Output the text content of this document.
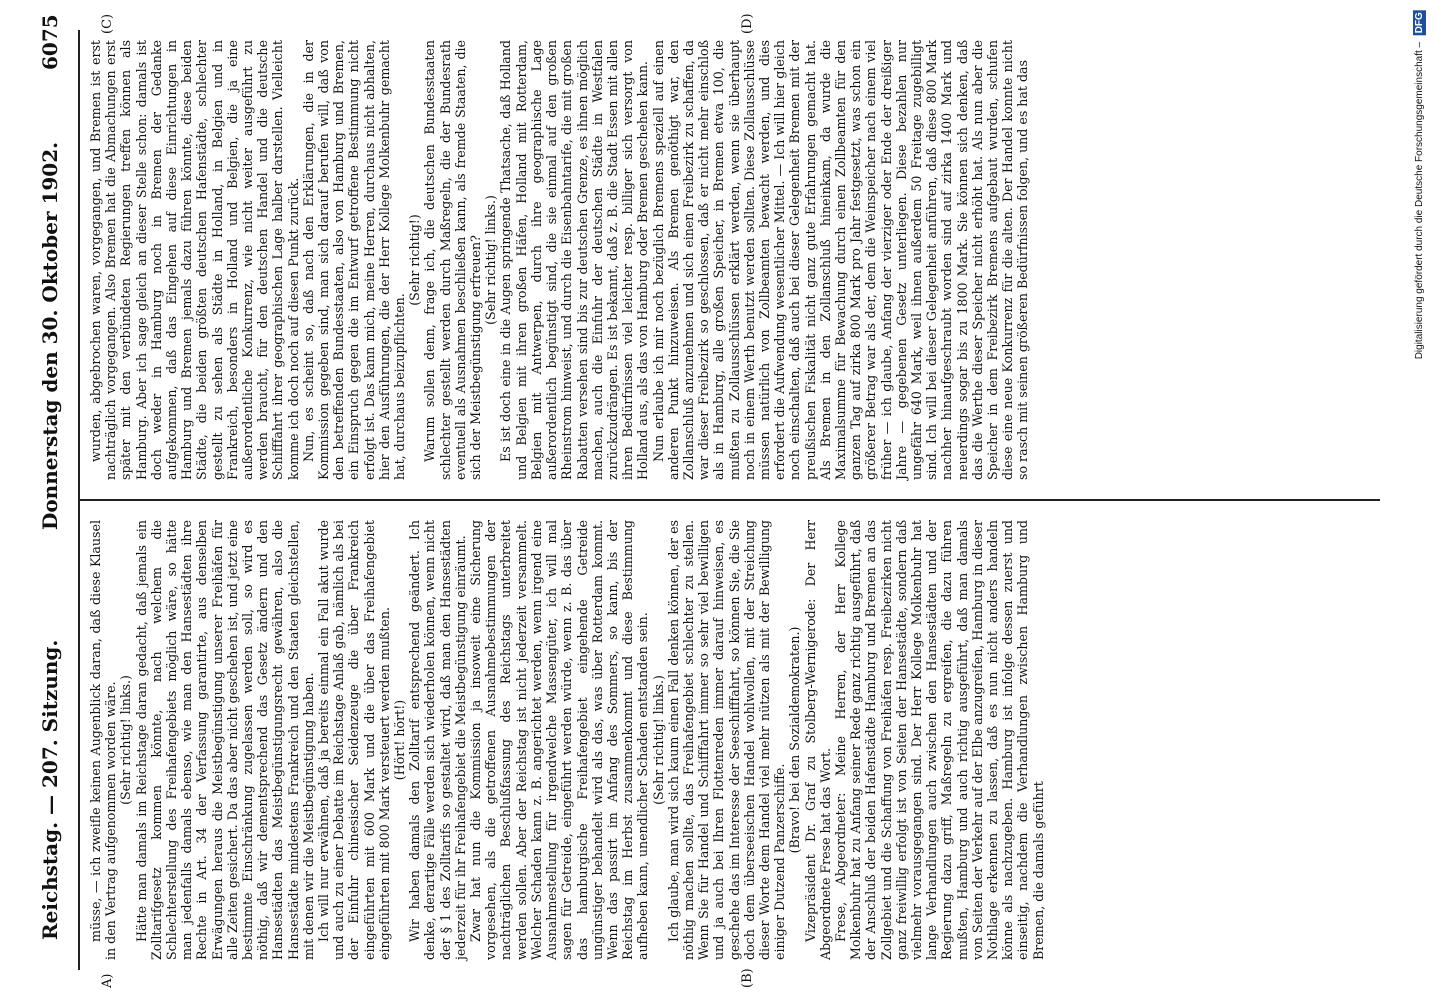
Reichstag. — 207. Sitzung.
Donnerstag den 30. Oktober 1902.
6075
A)	(B)
(C)	(D)

müsse, — ich zweifle keinen Augenblick daran, daß diese Klausel in den Vertrag aufgenommen worden wäre. (Sehr richtig! links.) Hätte man damals im Reichstage daran gedacht, daß jemals ein Zolltarifgesetz kommen könnte, nach welchem die Schlechterstellung des Freihafengebiets möglich wäre, so hätte man jedenfalls damals ebenso, wie man den Hansestädten ihre Rechte in Art. 34 der Verfassung garantirte, aus denselben Erwägungen heraus die Meistbegünstigung unserer Freihäfen für alle Zeiten gesichert. Da das aber nicht geschehen ist, und jetzt eine bestimmte Einschränkung zugelassen werden soll, so wird es nöthig, daß wir dementsprechend das Gesetz ändern und den Hansestädten das Meistbegünstigungsrecht gewähren, also die Hansestädte mindestens Frankreich und den Staaten gleichstellen, mit denen wir die Meistbegünstigung haben. Ich will nur erwähnen, daß ja bereits einmal ein Fall akut wurde und auch zu einer Debatte im Reichstage Anlaß gab, nämlich als bei der Einfuhr chinesischer Seidenzeuge die über Frankreich eingeführten mit 600 Mark und die über das Freihafengebiet eingeführten mit 800 Mark versteuert werden mußten. (Hört! hört!) Wir haben damals den Zolltarif entsprechend geändert. Ich denke, derartige Fälle werden sich wiederholen können, wenn nicht der § 1 des Zolltarifs so gestaltet wird, daß man den Hansestädten jederzeit für ihr Freihafengebiet die Meistbegünstigung einräumt. Zwar hat nun die Kommission ja insoweit eine Sicherung vorgesehen, als die getroffenen Ausnahmebestimmungen der nachträglichen Beschlußfassung des Reichstags unterbreitet werden sollen. Aber der Reichstag ist nicht jederzeit versammelt. Welcher Schaden kann z. B. angerichtet werden, wenn irgend eine Ausnahmestellung für irgendwelche Massengüter, ich will mal sagen für Getreide, eingeführt werden würde, wenn z. B. das über das hamburgische Freihafengebiet eingehende Getreide ungünstiger behandelt wird als das, was über Rotterdam kommt. Wenn das passirt im Anfang des Sommers, so kann, bis der Reichstag im Herbst zusammenkommt und diese Bestimmung aufheben kann, unendlicher Schaden entstanden sein. (Sehr richtig! links.) Ich glaube, man wird sich kaum einen Fall denken können, der es nöthig machen sollte, das Freihafengebiet schlechter zu stellen. Wenn Sie für Handel und Schifffahrt immer so sehr viel bewilligen und ja auch bei Ihren Flottenreden immer darauf hinweisen, es geschehe das im Interesse der Seeschifffahrt, so können Sie, die Sie doch dem überseeischen Handel wohlwollen, mit der Streichung dieser Worte dem Handel viel mehr nützen als mit der Bewilligung einiger Dutzend Panzerschiffe.

(Bravo! bei den Sozialdemokraten.) Vizepräsident Dr. Graf zu Stolberg-Wernigerode: Der Herr Abgeordnete Frese hat das Wort. Frese, Abgeordneter: Meine Herren, der Herr Kollege Molkenbuhr hat zu Anfang seiner Rede ganz richtig ausgeführt, daß der Anschluß der beiden Hafenstädte Hamburg und Bremen an das Zollgebiet und die Schaffung von Freihäfen resp. Freibezirken nicht ganz freiwillig erfolgt ist von Seiten der Hansestädte, sondern daß vielmehr vorausgegangen sind. Der Herr Kollege Molkenbuhr hat lange Verhandlungen auch zwischen den Hansestädten und der Regierung dazu griff, Maßregeln zu ergreifen, die dazu führen mußten, Hamburg und auch richtig ausgeführt, daß man damals von Seiten der Verkehr auf der Elbe anzugreifen, Hamburg in dieser Nothlage erkennen zu lassen, daß es nun nicht anders handeln könne als nachzugeben. Hamburg ist infolge dessen zuerst und einseitig, nachdem die Verhandlungen zwischen Hamburg und Bremen, die damals geführt

wurden, abgebrochen waren, vorgegangen, und Bremen ist erst nachträglich vorgegangen. Also Bremen hat die Abmachungen erst später mit den verbündeten Regierungen treffen können als Hamburg. Aber ich sage gleich an dieser Stelle schon: damals ist doch weder in Hamburg noch in Bremen der Gedanke aufgekommen, daß das Eingehen auf diese Einrichtungen in Hamburg und Bremen jemals dazu führen könnte, diese beiden Städte, die beiden größten deutschen Hafenstädte, schlechter gestellt zu sehen als Städte in Holland, in Belgien und in Frankreich, besonders in Holland und Belgien, die ja eine außerordentliche Konkurrenz, wie nicht weiter ausgeführt zu werden braucht, für den deutschen Handel und die deutsche Schifffahrt ihrer geographischen Lage halber darstellen. Vielleicht komme ich doch noch auf diesen Punkt zurück. Nun, es scheint so, daß nach den Erklärungen, die in der Kommission gegeben sind, man sich darauf berufen will, daß von den betreffenden Bundesstaaten, also von Hamburg und Bremen, ein Einspruch gegen die im Entwurf getroffene Bestimmung nicht erfolgt ist. Das kann mich, meine Herren, durchaus nicht abhalten, hier den Ausführungen, die der Herr Kollege Molkenbuhr gemacht hat, durchaus beizupflichten.

(Sehr richtig!) Warum sollen denn, frage ich, die deutschen Bundesstaaten schlechter gestellt werden durch Maßregeln, die der Bundesrath eventuell als Ausnahmen beschließen kann, als fremde Staaten, die sich der Meistbegünstigung erfreuen? (Sehr richtig! links.) Es ist doch eine in die Augen springende Thatsache, daß Holland und Belgien mit ihren großen Häfen, Holland mit Rotterdam, Belgien mit Antwerpen, durch ihre geographische Lage außerordentlich begünstigt sind, die sie einmal auf den großen Rheinstrom hinweist, und durch die Eisenbahntarife, die mit großen Rabatten versehen sind bis zur deutschen Grenze, es ihnen möglich machen, auch die Einfuhr der deutschen Städte in Westfalen zurückzudrängen. Es ist bekannt, daß z. B. die Stadt Essen mit allen ihren Bedürfnissen viel leichter resp. billiger sich versorgt von Holland aus, als das von Hamburg oder Bremen geschehen kann. Nun erlaube ich mir noch bezüglich Bremens speziell auf einen anderen Punkt hinzuweisen. Als Bremen genöthigt war, den Zollanschluß anzunehmen und sich einen Freibezirk zu schaffen, da war dieser Freibezirk so geschlossen, daß er nicht mehr einschloß als in Hamburg, alle großen Speicher, in Bremen etwa 100, die mußten zu Zollausschlüssen erklärt werden, wenn sie überhaupt noch in einem Werth benutzt werden sollten. Diese Zollausschlüsse müssen natürlich von Zollbeamten bewacht werden, und dies erfordert die Aufwendung wesentlicher Mittel. — Ich will hier gleich noch einschalten, daß auch bei dieser Gelegenheit Bremen mit der preußischen Fiskalität nicht ganz gute Erfahrungen gemacht hat. Als Bremen in den Zollanschluß hineinkam, da wurde die Maximalsumme für Bewachung durch einen Zollbeamten für den ganzen Tag auf zirka 800 Mark pro Jahr festgesetzt, was schon ein größerer Betrag war als der, dem die Weinspeicher nach einem viel früher — ich glaube, Anfang der vierziger oder Ende der dreißiger Jahre — gegebenen Gesetz unterliegen. Diese bezahlen nur ungefähr 640 Mark, weil ihnen außerdem 50 Freitage zugebilligt sind. Ich will bei dieser Gelegenheit anführen, daß diese 800 Mark nachher hinaufgeschraubt worden sind auf zirka 1400 Mark und neuerdings sogar bis zu 1800 Mark. Sie können sich denken, daß das die Werthe dieser Speicher nicht erhöht hat. Als nun aber die Speicher in dem Freibezirk Bremens aufgebaut wurden, schufen diese eine neue Konkurrenz für die alten. Der Handel konnte nicht so rasch mit seinen größeren Bedürfnissen folgen, und es hat das	Digitalisierung gefördert durch die Deutsche Forschungsgemeinschaft – DFG
